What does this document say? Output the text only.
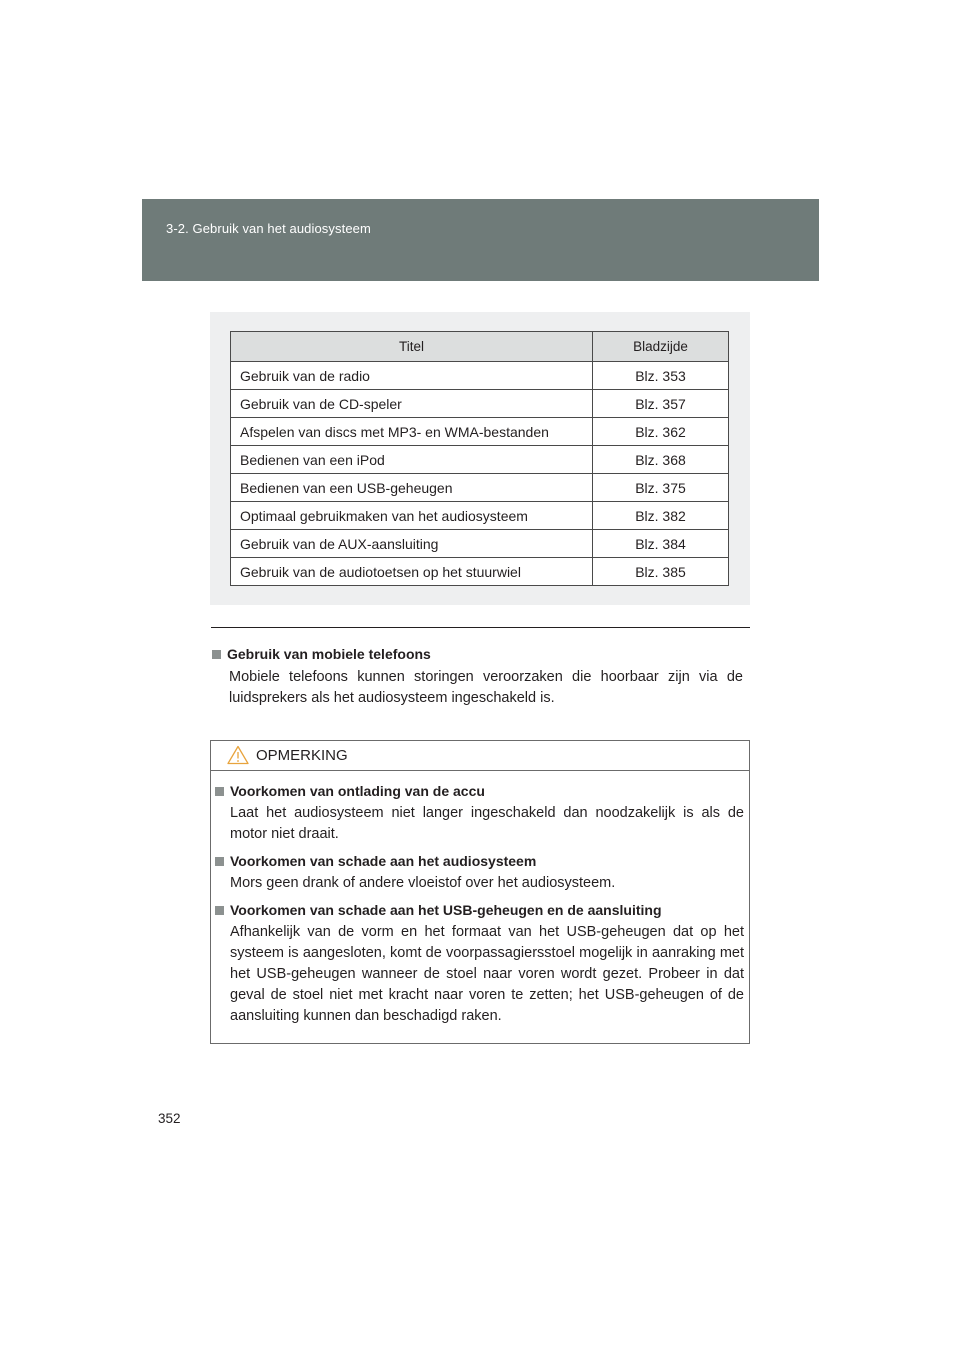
3-2. Gebruik van het audiosysteem
Titel	Bladzijde
Gebruik van de radio	Blz. 353
Gebruik van de CD-speler	Blz. 357
Afspelen van discs met MP3- en WMA-bestanden	Blz. 362
Bedienen van een iPod	Blz. 368
Bedienen van een USB-geheugen	Blz. 375
Optimaal gebruikmaken van het audiosysteem	Blz. 382
Gebruik van de AUX-aansluiting	Blz. 384
Gebruik van de audiotoetsen op het stuurwiel	Blz. 385
Gebruik van mobiele telefoons
Mobiele telefoons kunnen storingen veroorzaken die hoorbaar zijn via de luidsprekers als het audiosysteem ingeschakeld is.
OPMERKING
Voorkomen van ontlading van de accu
Laat het audiosysteem niet langer ingeschakeld dan noodzakelijk is als de motor niet draait.
Voorkomen van schade aan het audiosysteem
Mors geen drank of andere vloeistof over het audiosysteem.
Voorkomen van schade aan het USB-geheugen en de aansluiting
Afhankelijk van de vorm en het formaat van het USB-geheugen dat op het systeem is aangesloten, komt de voorpassagiersstoel mogelijk in aanraking met het USB-geheugen wanneer de stoel naar voren wordt gezet. Probeer in dat geval de stoel niet met kracht naar voren te zetten; het USB-geheugen of de aansluiting kunnen dan beschadigd raken.
352
